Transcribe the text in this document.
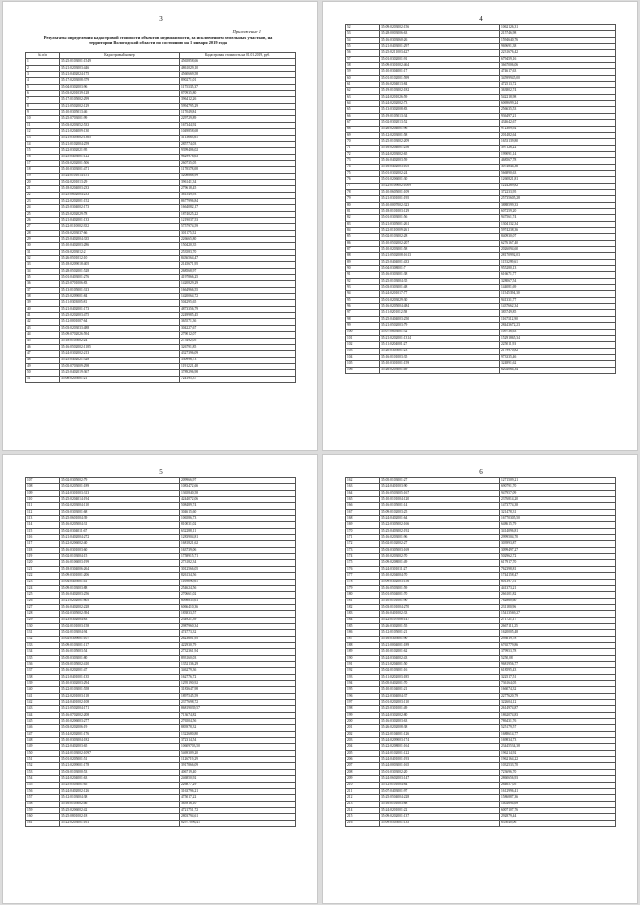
3
Приложение 1
Результаты определения кадастровой стоимости объектов недвижимости, за исключением земельных участков, на территории Вологодской области по состоянию на 1 января 2019 года
№ п/п	Кадастровый номер	Кадастровая стоимость на 01.01.2019, руб.
1	35:25:0103001:1549	4565858,66
2	35:21:0203003:446	4861029,10
3	35:21:0402024:175	4560669,58
4	35:17:0203008:379	890271,01
5	35:04:0302003:96	1175335,37
6	35:03:0201039:128	870935,80
7	35:17:0105002:299	396412,26
8	35:21:0502002:129	5994795,29
9	35:10:0305013:46	117049,84
10	35:25:0703001:99	229729,89
11	35:03:0203052:533	167344,92
12	35:21:0204009:130	1049858,68
13	35:21:0305002:1365	3113683,61
14	35:21:0102004:259	285774,03
15	35:22:0302021:95	9399406,02
16	35:25:0403001:122	9629976,63
17	35:03:0202001:506	260735,05
18	35:10:0303001:471	1178378,08
19	35:24:0101014:151	5208868,99
20	35:02:0201013:29	396141,34
21	35:18:0204003:233	279618,45
22	35:25:0602004:233	361549,93
23	35:22:0202001:152	8677996,84
24	35:25:0304002:173	1664082,17
25	35:25:0202029:78	1874025,22
26	35:21:0402001:133	1219037,53
27	35:22:0110002:352	5757974,59
28	35:03:0203037:66	301175,52
29	35:25:0402004:335	226665,80
30	35:10:0402003:286	150420,35
31	35:03:0203012:2	253583,70
32	35:26:0501012:10	8436564,47
33	35:18:0209018:405	2145671,95
34	35:28:0502001:528	268568,97
35	35:01:0403001:276	4197866,25
36	35:25:0701006:83	1420829,29
37	35:13:0105001:313	1664966,55
38	35:25:0209001:84	1420064,72
39	35:11:0303005:81	504295,65
40	35:21:0402001:173	4873356,79
41	35:25:0202003:475	2249985,45
42	35:12:0001007:64	365571,36
43	35:03:0203033:488	304227,67
44	35:09:0702026:594	279012,07
45	35:18:0105002:24	275492,05
46	35:16:0502002:1185	326791,85
47	35:24:0302002:213	4327396,09
48	35:25:0402021:328	330996,73
49	35:05:0703009:298	1191221,48
50	35:25:0402019:367	3789296,98
51	35:08:0205001:21	724195,37
4
52	35:09:0203002:156	1062126,31
53	35:28:0003006:63	215746,98
54	35:16:0303060:26	1594640,76
55	35:21:0403001:297	969691,38
56	35:25:0211003:427	2231676,42
57	35:01:0302001:91	679459,16
58	35:09:0301002:464	3667006,06
59	35:10:0304001:17	474617,63
60	35:01:0102001:599	34599945,00
61	35:16:0204013:84	472513,72
62	35:19:0103002:182	363802,74
63	35:24:0201026:59	542218,98
64	35:24:0202002:73	6069699,24
65	35:13:0302008:83	256635,53
66	35:19:0105013:34	936497,21
67	35:02:0302013:52	434642,67
68	35:26:0204001:96	972309,92
69	35:12:0203001:58	201482,64
70	35:25:0103002:209	1653139,80
71	35:16:0204001:256	397126,22
72	35:24:0203002:65	199091,14
73	35:16:0402003:59	468567,78
74	35:16:0402003:105	3074844,36
75	35:01:0302002:24	566890,63
76	35:01:0206001:30	1260821,81
77	35:22:0109002:1009	1224269,82
78	35:10:0605001:109	372233,95
79	35:21:0301001:195	25735605,28
80	35:10:0007002:323	3888599,33
81	35:18:0101003:129	607259,20
82	35:01:0303001:56	947561,74
83	35:21:0305001:261	1304132,34
84	35:22:0110009:261	5974238,36
85	35:02:0103002:28	840930,07
86	35:10:0502002:207	6276167,40
87	35:10:0203001:58	2026094,60
88	35:21:0502008:1613	28170992,03
89	35:25:0404001:433	1153299,61
90	35:04:0308001:7	955280,13
91	35:16:0303001:38	616671,77
92	35:25:0103004:35	328067,54
93	35:03:0303001:48	144081,69
94	35:24:0201017:77	11545394,30
95	35:01:0203029:30	941331,77
96	35:16:0205004:484	1437662,34
97	35:11:0201012:58	383749,85
98	35:25:0404003:250	1167312,90
99	35:21:0502003:79	28443672,23
100	35:07:0603001:32	109736,63
101	35:21:0202001:1314	15291865,34
102	35:11:0204001:27	225011,93
103	35:20:0305001:23	2179970,82
104	35:16:0101003:35	973335,46
105	35:10:0301001:159	324891,62
106	35:26:0203001:49	6202064,34
5
107	35:02:0305002:79	209966,97
108	35:02:0205001:189	1083472,66
109	35:24:0301003:313	1365840,58
110	35:25:0204014:194	4244072,06
111	35:02:0203004:110	508489,74
112	35:03:0303001:68	304615,60
113	35:25:0601004:39	106586,73
114	35:16:0205004:31	810031,02
115	35:02:0304011:67	632288,11
116	35:21:0402004:272	1283904,81
117	35:22:0206002:40	1681821,62
118	35:16:0301003:60	163739,06
119	35:02:0103004:15	1758915,71
120	35:16:0106003:199	273182,34
121	35:18:0304006:264	3012566,05
122	35:09:0301001:206	826134,56
123	35:04:0405001:41	1169890,61
124	35:09:0103003:88	254624,56
125	35:16:0402003:256	270661,02
126	35:21:0202001:805	6098835,61
127	35:16:0402002:228	6066410,36
128	35:02:0305002:394	183833,57
129	35:23:0302004:83	234921,39
130	35:02:0101003:158	2987960,34
131	35:02:0103004:94	474773,32
132	35:02:0309001:107	2623601,95
133	35:09:0103001:117	422930,79
134	35:16:0105003:54	2732361,94
135	35:05:0303001:80	893160,03
136	35:03:0105002:410	1352136,29
137	35:16:0202001:47	346279,36
138	35:21:0401001:135	162776,72
139	35:10:0302003:294	1295190,92
140	35:22:0103001:558	3183647,98
141	35:22:0201003:118	1897545,59
142	35:24:0401002:108	2377698,72
143	35:21:0502004:171	86819039,57
144	35:16:0702002:208	713674,82
145	35:10:0206003:277	276504,56
146	35:03:0202006:19	883978,32
147	35:14:0202001:176	1322680,80
148	35:10:0303004:182	372314,54
149	35:22:0402003:65	10609703,50
150	35:24:0103002:1097	5469309,20
151	35:01:0205001:51	1126719,29
152	35:21:0209001:178	3917866,09
153	35:03:0103000:53	406719,40
154	35:24:0204001:63	246850,92
155	35:25:0503001:65	226877,29
156	35:24:0402002:126	3163796,21
157	35:12:0103004:38	475017,22
158	35:16:0105002:46	363916,10
159	35:25:0206002:42	4721751,72
160	35:25:0801002:18	2803794,61
161	35:22:0203001:161	82977096,41
6
162	35:05:0103001:27	1271509,21
163	35:24:0401003:90	690791,70
164	35:16:0503005:167	947957,09
165	35:10:0101004:120	2376814,20
166	35:16:0105001:14	1473774,38
167	35:09:0102003:25	321478,31
168	35:24:0402001:64	16770305,50
169	35:22:0305002:166	648615,79
170	35:25:0403002:192	3414096,81
171	35:16:0203001:96	2999504,70
172	35:02:0102002:27	303993,87
173	35:03:0305003:169	3099497,27
174	35:10:0203002:70	502962,72
175	35:09:0208001:49	617917,70
176	35:24:0301011:27	762398,81
177	35:10:0204004:70	1744158,47
178	35:09:0302003:156	601397,51
179	35:16:0503001:59	441373,21
180	35:01:0504001:70	266101,82
181	35:10:0101001:90	762860,60
182	35:03:0101004:270	231180,96
183	35:16:0401002:33	15413569,27
184	35:22:0107008:147	271721,17
185	35:26:0302001:55	2667111,25
186	35:12:0105001:21	1620005,48
187	35:16:0305001:90	293619,78
188	35:21:0004001:189	6765779,86
189	35:10:0102001:62	379953,78
190	35:24:0304002:43	5250,08
191	35:21:0204001:50	9681956,77
192	35:02:0103001:16	618595,43
193	35:11:0202003:185	322517,51
194	35:05:0402001:70	736164,05
195	35:10:0104001:21	166074,32
196	35:22:0304004:37	2277620,79
197	35:01:0202003:110	322604,12
198	35:25:0301001:49	2614974,87
199	35:24:0302002:80	1862074,83
200	35:16:0302003:63	786431,76
201	35:26:0202008:38	525179,57
202	35:22:0104001:126	1688614,77
203	35:24:0209003:174	169834,73
204	35:22:0208001:164	23445534,38
205	35:24:0102001:122	196214,92
206	35:24:0401001:193	1962164,22
207	35:24:0003001:165	1032533,70
208	35:01:0303002:20	723696,70
209	35:24:0602003:147	2860656,93
210	35:12:0101004:84	264657,05
211	35:07:0403001:97	1612996,41
212	35:25:0504004:228	1586887,36
213	35:16:0101003:88	1402694,69
214	35:24:0201001:22	6007107,76
215	35:09:0202001:137	292879,44
216	35:09:0505001:135	635040,06
